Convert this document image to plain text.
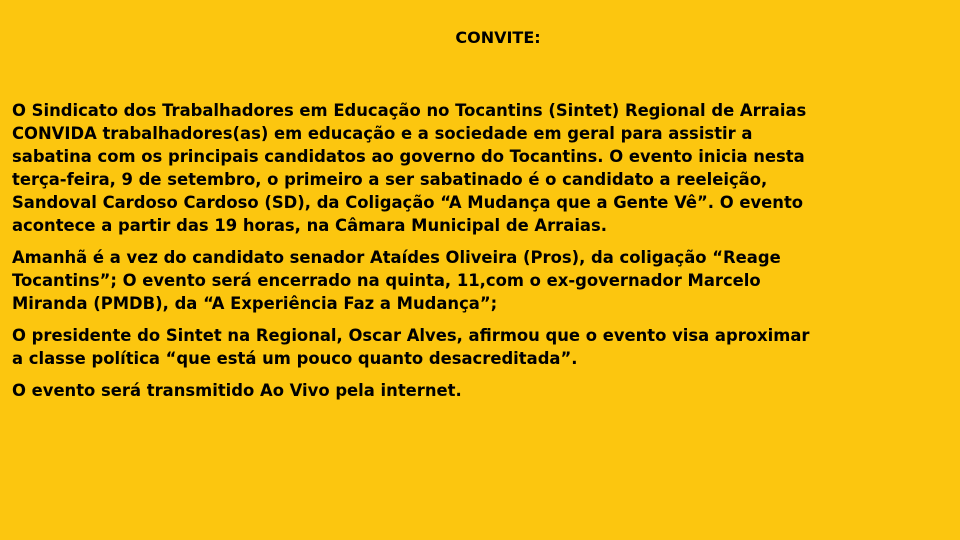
CONVITE:

O Sindicato dos Trabalhadores em Educação no Tocantins (Sintet) Regional de Arraias
CONVIDA trabalhadores(as) em educação e a sociedade em geral para assistir a
sabatina com os principais candidatos ao governo do Tocantins. O evento inicia nesta
terça-feira, 9 de setembro, o primeiro a ser sabatinado é o candidato a reeleição,
Sandoval Cardoso Cardoso (SD), da Coligação “A Mudança que a Gente Vê”. O evento
acontece a partir das 19 horas, na Câmara Municipal de Arraias.

Amanhã é a vez do candidato senador Ataídes Oliveira (Pros), da coligação “Reage
Tocantins”; O evento será encerrado na quinta, 11,com o ex-governador Marcelo
Miranda (PMDB), da “A Experiência Faz a Mudança”;

O presidente do Sintet na Regional, Oscar Alves, afirmou que o evento visa aproximar
a classe política “que está um pouco quanto desacreditada”.

O evento será transmitido Ao Vivo pela internet.
